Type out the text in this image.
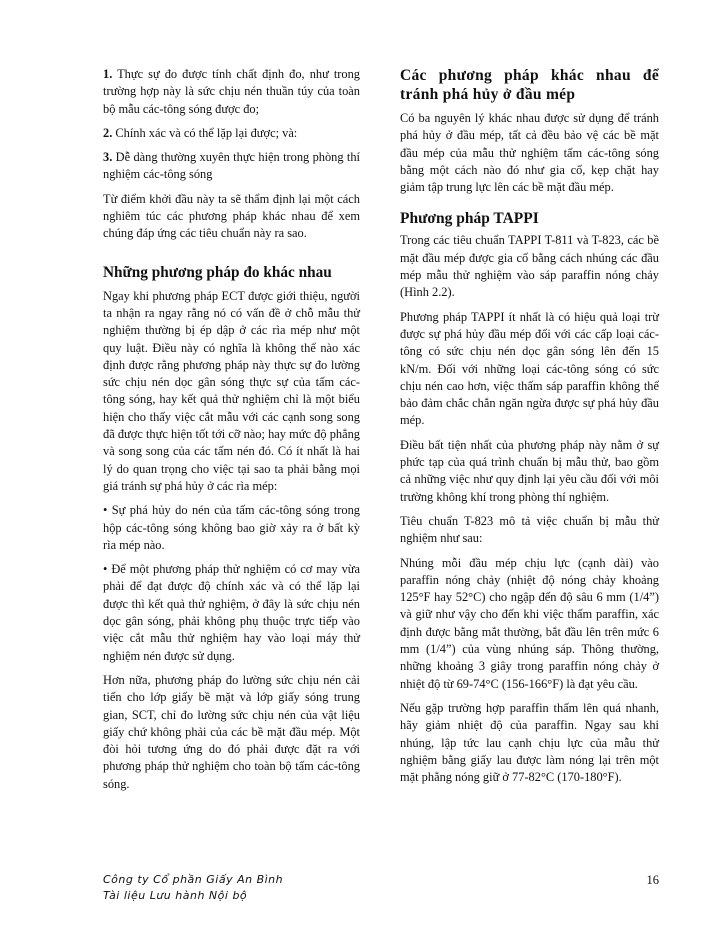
1. Thực sự đo được tính chất định đo, như trong trường hợp này là sức chịu nén thuần túy của toàn bộ mẫu các-tông sóng được đo;

2. Chính xác và có thể lặp lại được; và:

3. Dễ dàng thường xuyên thực hiện trong phòng thí nghiệm các-tông sóng

Từ điểm khởi đầu này ta sẽ thẩm định lại một cách nghiêm túc các phương pháp khác nhau để xem chúng đáp ứng các tiêu chuẩn này ra sao.

Những phương pháp đo khác nhau

Ngay khi phương pháp ECT được giới thiệu, người ta nhận ra ngay rằng nó có vấn đề ở chỗ mẫu thử nghiệm thường bị ép dập ở các rìa mép như một quy luật. Điều này có nghĩa là không thể nào xác định được rằng phương pháp này thực sự đo lường sức chịu nén dọc gân sóng thực sự của tấm các-tông sóng, hay kết quả thử nghiệm chỉ là một biểu hiện cho thấy việc cắt mẫu với các cạnh song song đã được thực hiện tốt tới cỡ nào; hay mức độ phẳng và song song của các tấm nén đó. Có ít nhất là hai lý do quan trọng cho việc tại sao ta phải bằng mọi giá tránh sự phá hủy ở các rìa mép:

• Sự phá hủy do nén của tấm các-tông sóng trong hộp các-tông sóng không bao giờ xảy ra ở bất kỳ rìa mép nào.

• Để một phương pháp thử nghiệm có cơ may vừa phải để đạt được độ chính xác và có thể lặp lại được thì kết quả thử nghiệm, ở đây là sức chịu nén dọc gân sóng, phải không phụ thuộc trực tiếp vào việc cắt mẫu thử nghiệm hay vào loại máy thử nghiệm nén được sử dụng.

Hơn nữa, phương pháp đo lường sức chịu nén cải tiến cho lớp giấy bề mặt và lớp giấy sóng trung gian, SCT, chỉ đo lường sức chịu nén của vật liệu giấy chứ không phải của các bề mặt đầu mép. Một đòi hỏi tương ứng do đó phải được đặt ra với phương pháp thử nghiệm cho toàn bộ tấm các-tông sóng.

Các phương pháp khác nhau để tránh phá hủy ở đầu mép

Có ba nguyên lý khác nhau được sử dụng để tránh phá hủy ở đầu mép, tất cả đều bảo vệ các bề mặt đầu mép của mẫu thử nghiệm tấm các-tông sóng bằng một cách nào đó như gia cố, kẹp chặt hay giảm tập trung lực lên các bề mặt đầu mép.

Phương pháp TAPPI

Trong các tiêu chuẩn TAPPI T-811 và T-823, các bề mặt đầu mép được gia cố bằng cách nhúng các đầu mép mẫu thử nghiệm vào sáp paraffin nóng chảy (Hình 2.2).

Phương pháp TAPPI ít nhất là có hiệu quả loại trừ được sự phá hủy đầu mép đối với các cấp loại các-tông có sức chịu nén dọc gân sóng lên đến 15 kN/m. Đối với những loại các-tông sóng có sức chịu nén cao hơn, việc thấm sáp paraffin không thể bảo đảm chắc chắn ngăn ngừa được sự phá hủy đầu mép.

Điều bất tiện nhất của phương pháp này nằm ở sự phức tạp của quá trình chuẩn bị mẫu thử, bao gồm cả những việc như quy định lại yêu cầu đối với môi trường không khí trong phòng thí nghiệm.

Tiêu chuẩn T-823 mô tả việc chuẩn bị mẫu thử nghiệm như sau:

Nhúng mỗi đầu mép chịu lực (cạnh dài) vào paraffin nóng chảy (nhiệt độ nóng chảy khoảng 125°F hay 52°C) cho ngập đến độ sâu 6 mm (1/4”) và giữ như vậy cho đến khi việc thấm paraffin, xác định được bằng mắt thường, bắt đầu lên trên mức 6 mm (1/4”) của vùng nhúng sáp. Thông thường, những khoảng 3 giây trong paraffin nóng chảy ở nhiệt độ từ 69-74°C (156-166°F) là đạt yêu cầu.

Nếu gặp trường hợp paraffin thấm lên quá nhanh, hãy giảm nhiệt độ của paraffin. Ngay sau khi nhúng, lập tức lau cạnh chịu lực của mẫu thử nghiệm bằng giấy lau được làm nóng lại trên một mặt phẳng nóng giữ ở 77-82°C (170-180°F).

Công ty Cổ phần Giấy An Bình
Tài liệu Lưu hành Nội bộ
16
